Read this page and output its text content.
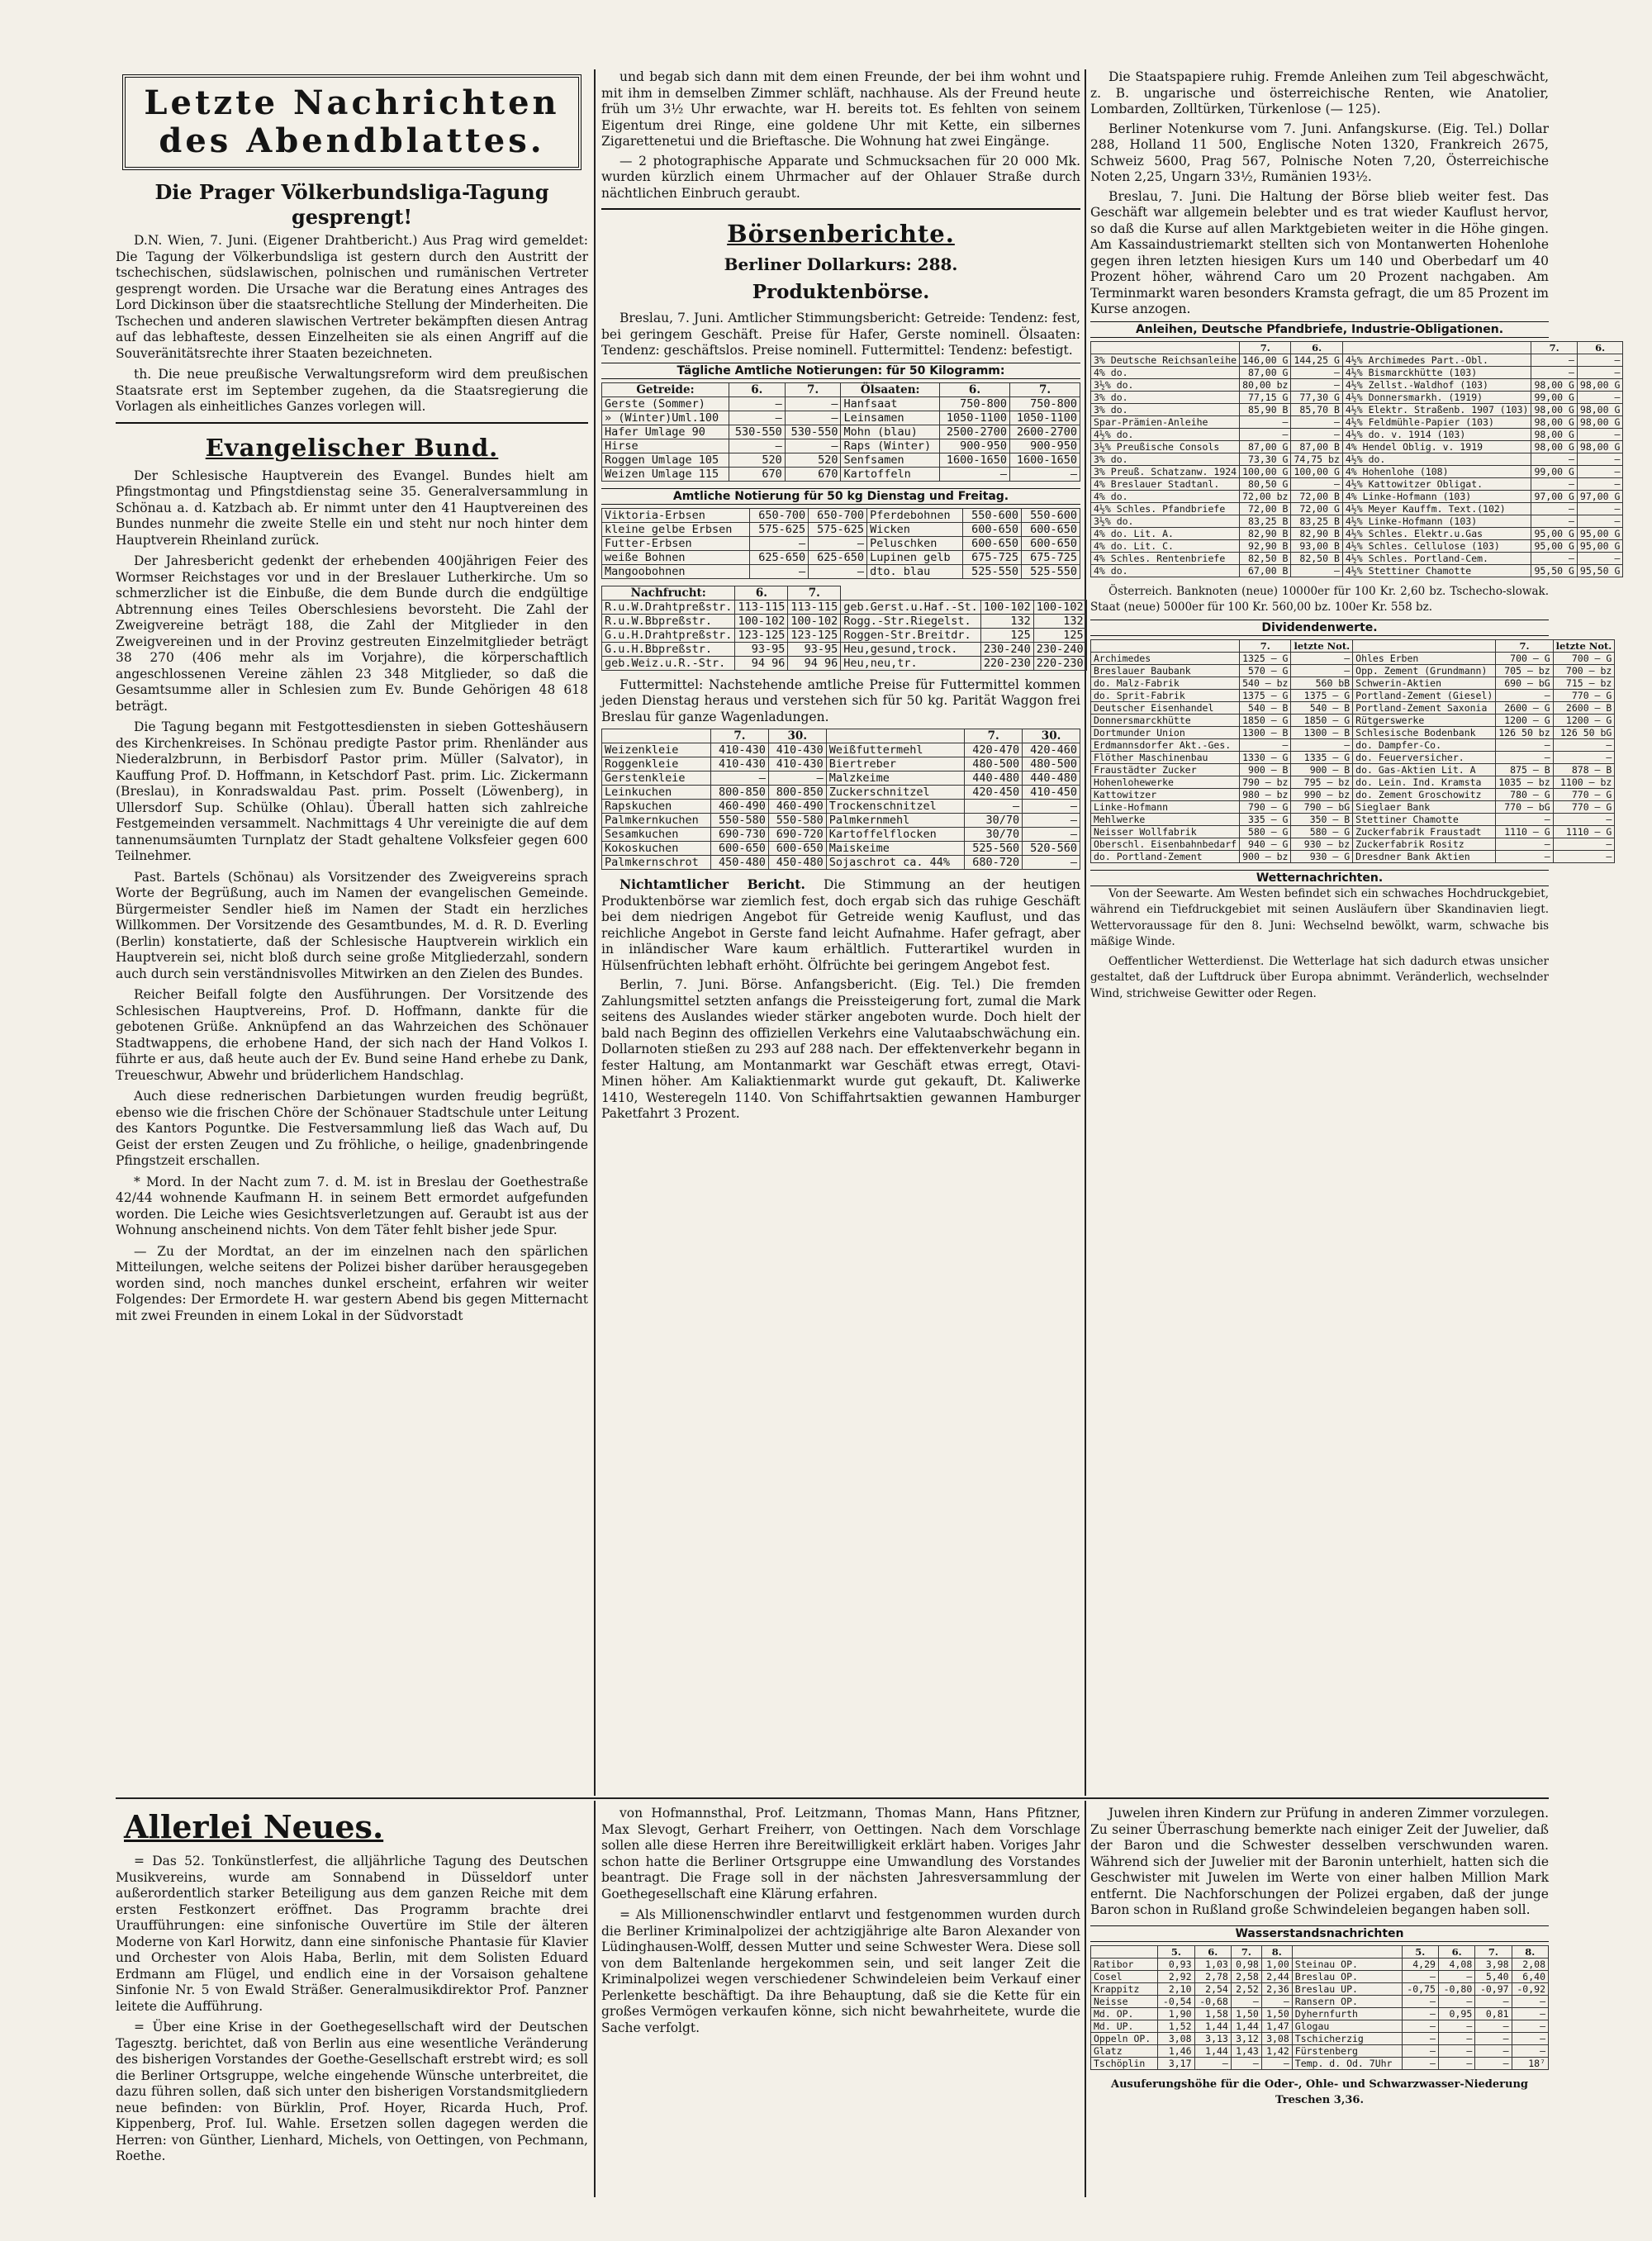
Letzte Nachrichten des Abendblattes.
Die Prager Völkerbundsliga-Tagung gesprengt!

D.N. Wien, 7. Juni. (Eigener Drahtbericht.) Aus Prag wird gemeldet: Die Tagung der Völkerbundsliga ist gestern durch den Austritt der tschechischen, südslawischen, polnischen und rumänischen Vertreter gesprengt worden. Die Ursache war die Beratung eines Antrages des Lord Dickinson über die staatsrechtliche Stellung der Minderheiten. Die Tschechen und anderen slawischen Vertreter bekämpften diesen Antrag auf das lebhafteste, dessen Einzelheiten sie als einen Angriff auf die Souveränitätsrechte ihrer Staaten bezeichneten.

th. Die neue preußische Verwaltungsreform wird dem preußischen Staatsrate erst im September zugehen, da die Staatsregierung die Vorlagen als einheitliches Ganzes vorlegen will.

Evangelischer Bund.

Der Schlesische Hauptverein des Evangel. Bundes hielt am Pfingstmontag und Pfingstdienstag seine 35. Generalversammlung in Schönau a. d. Katzbach ab. Er nimmt unter den 41 Hauptvereinen des Bundes nunmehr die zweite Stelle ein und steht nur noch hinter dem Hauptverein Rheinland zurück.

Der Jahresbericht gedenkt der erhebenden 400jährigen Feier des Wormser Reichstages vor und in der Breslauer Lutherkirche. Um so schmerzlicher ist die Einbuße, die dem Bunde durch die endgültige Abtrennung eines Teiles Oberschlesiens bevorsteht. Die Zahl der Zweigvereine beträgt 188, die Zahl der Mitglieder in den Zweigvereinen und in der Provinz gestreuten Einzelmitglieder beträgt 38 270 (406 mehr als im Vorjahre), die körperschaftlich angeschlossenen Vereine zählen 23 348 Mitglieder, so daß die Gesamtsumme aller in Schlesien zum Ev. Bunde Gehörigen 48 618 beträgt.

Die Tagung begann mit Festgottesdiensten in sieben Gotteshäusern des Kirchenkreises. In Schönau predigte Pastor prim. Rhenländer aus Niederalzbrunn, in Berbisdorf Pastor prim. Müller (Salvator), in Kauffung Prof. D. Hoffmann, in Ketschdorf Past. prim. Lic. Zickermann (Breslau), in Konradswaldau Past. prim. Posselt (Löwenberg), in Ullersdorf Sup. Schülke (Ohlau). Überall hatten sich zahlreiche Festgemeinden versammelt. Nachmittags 4 Uhr vereinigte die auf dem tannenumsäumten Turnplatz der Stadt gehaltene Volksfeier gegen 600 Teilnehmer.

Past. Bartels (Schönau) als Vorsitzender des Zweigvereins sprach Worte der Begrüßung, auch im Namen der evangelischen Gemeinde. Bürgermeister Sendler hieß im Namen der Stadt ein herzliches Willkommen. Der Vorsitzende des Gesamtbundes, M. d. R. D. Everling (Berlin) konstatierte, daß der Schlesische Hauptverein wirklich ein Hauptverein sei, nicht bloß durch seine große Mitgliederzahl, sondern auch durch sein verständnisvolles Mitwirken an den Zielen des Bundes.

Reicher Beifall folgte den Ausführungen. Der Vorsitzende des Schlesischen Hauptvereins, Prof. D. Hoffmann, dankte für die gebotenen Grüße. Anknüpfend an das Wahrzeichen des Schönauer Stadtwappens, die erhobene Hand, der sich nach der Hand Volkos I. führte er aus, daß heute auch der Ev. Bund seine Hand erhebe zu Dank, Treueschwur, Abwehr und brüderlichem Handschlag.

Auch diese rednerischen Darbietungen wurden freudig begrüßt, ebenso wie die frischen Chöre der Schönauer Stadtschule unter Leitung des Kantors Poguntke. Die Festversammlung ließ das Wach auf, Du Geist der ersten Zeugen und Zu fröhliche, o heilige, gnadenbringende Pfingstzeit erschallen.

* Mord. In der Nacht zum 7. d. M. ist in Breslau der Goethestraße 42/44 wohnende Kaufmann H. in seinem Bett ermordet aufgefunden worden. Die Leiche wies Gesichtsverletzungen auf. Geraubt ist aus der Wohnung anscheinend nichts. Von dem Täter fehlt bisher jede Spur.

— Zu der Mordtat, an der im einzelnen nach den spärlichen Mitteilungen, welche seitens der Polizei bisher darüber herausgegeben worden sind, noch manches dunkel erscheint, erfahren wir weiter Folgendes: Der Ermordete H. war gestern Abend bis gegen Mitternacht mit zwei Freunden in einem Lokal in der Südvorstadt

und begab sich dann mit dem einen Freunde, der bei ihm wohnt und mit ihm in demselben Zimmer schläft, nachhause. Als der Freund heute früh um 3½ Uhr erwachte, war H. bereits tot. Es fehlten von seinem Eigentum drei Ringe, eine goldene Uhr mit Kette, ein silbernes Zigarettenetui und die Brieftasche. Die Wohnung hat zwei Eingänge.

— 2 photographische Apparate und Schmucksachen für 20 000 Mk. wurden kürzlich einem Uhrmacher auf der Ohlauer Straße durch nächtlichen Einbruch geraubt.

Börsenberichte.
Berliner Dollarkurs: 288.
Produktenbörse.

Breslau, 7. Juni. Amtlicher Stimmungsbericht: Getreide: Tendenz: fest, bei geringem Geschäft. Preise für Hafer, Gerste nominell. Ölsaaten: Tendenz: geschäftslos. Preise nominell. Futtermittel: Tendenz: befestigt.

Tägliche Amtliche Notierungen: für 50 Kilogramm:
Getreide:	6.	7.	Ölsaaten:	6.	7.
Gerste (Sommer)	—	—	Hanfsaat	750-800	750-800
» (Winter)Uml.100	—	—	Leinsamen	1050-1100	1050-1100
Hafer Umlage 90	530-550	530-550	Mohn (blau)	2500-2700	2600-2700
Hirse	—	—	Raps (Winter)	900-950	900-950
Roggen Umlage 105	520	520	Senfsamen	1600-1650	1600-1650
Weizen Umlage 115	670	670	Kartoffeln	—	—
Amtliche Notierung für 50 kg Dienstag und Freitag.
Viktoria-Erbsen	650-700	650-700	Pferdebohnen	550-600	550-600
kleine gelbe Erbsen	575-625	575-625	Wicken	600-650	600-650
Futter-Erbsen	—	—	Peluschken	600-650	600-650
weiße Bohnen	625-650	625-650	Lupinen gelb	675-725	675-725
Mangoobohnen	—	—	dto. blau	525-550	525-550
Nachfrucht:	6.	7.			
R.u.W.Drahtpreßstr.	113-115	113-115	geb.Gerst.u.Haf.-St.	100-102	100-102
R.u.W.Bbpreßstr.	100-102	100-102	Rogg.-Str.Riegelst.	132	132
G.u.H.Drahtpreßstr.	123-125	123-125	Roggen-Str.Breitdr.	125	125
G.u.H.Bbpreßstr.	93-95	93-95	Heu,gesund,trock.	230-240	230-240
geb.Weiz.u.R.-Str.	94 96	94 96	Heu,neu,tr.	220-230	220-230

Futtermittel: Nachstehende amtliche Preise für Futtermittel kommen jeden Dienstag heraus und verstehen sich für 50 kg. Parität Waggon frei Breslau für ganze Wagenladungen.

	7.	30.		7.	30.
Weizenkleie	410-430	410-430	Weißfuttermehl	420-470	420-460
Roggenkleie	410-430	410-430	Biertreber	480-500	480-500
Gerstenkleie	—	—	Malzkeime	440-480	440-480
Leinkuchen	800-850	800-850	Zuckerschnitzel	420-450	410-450
Rapskuchen	460-490	460-490	Trockenschnitzel	—	—
Palmkernkuchen	550-580	550-580	Palmkernmehl	30/70	—
Sesamkuchen	690-730	690-720	Kartoffelflocken	30/70	—
Kokoskuchen	600-650	600-650	Maiskeime	525-560	520-560
Palmkernschrot	450-480	450-480	Sojaschrot ca. 44%	680-720	—

Nichtamtlicher Bericht. Die Stimmung an der heutigen Produktenbörse war ziemlich fest, doch ergab sich das ruhige Geschäft bei dem niedrigen Angebot für Getreide wenig Kauflust, und das reichliche Angebot in Gerste fand leicht Aufnahme. Hafer gefragt, aber in inländischer Ware kaum erhältlich. Futterartikel wurden in Hülsenfrüchten lebhaft erhöht. Ölfrüchte bei geringem Angebot fest.

Berlin, 7. Juni. Börse. Anfangsbericht. (Eig. Tel.) Die fremden Zahlungsmittel setzten anfangs die Preissteigerung fort, zumal die Mark seitens des Auslandes wieder stärker angeboten wurde. Doch hielt der bald nach Beginn des offiziellen Verkehrs eine Valutaabschwächung ein. Dollarnoten stießen zu 293 auf 288 nach. Der effektenverkehr begann in fester Haltung, am Montanmarkt war Geschäft etwas erregt, Otavi-Minen höher. Am Kaliaktienmarkt wurde gut gekauft, Dt. Kaliwerke 1410, Westeregeln 1140. Von Schiffahrtsaktien gewannen Hamburger Paketfahrt 3 Prozent.

Die Staatspapiere ruhig. Fremde Anleihen zum Teil abgeschwächt, z. B. ungarische und österreichische Renten, wie Anatolier, Lombarden, Zolltürken, Türkenlose (— 125).

Berliner Notenkurse vom 7. Juni. Anfangskurse. (Eig. Tel.) Dollar 288, Holland 11 500, Englische Noten 1320, Frankreich 2675, Schweiz 5600, Prag 567, Polnische Noten 7,20, Österreichische Noten 2,25, Ungarn 33½, Rumänien 193½.

Breslau, 7. Juni. Die Haltung der Börse blieb weiter fest. Das Geschäft war allgemein belebter und es trat wieder Kauflust hervor, so daß die Kurse auf allen Marktgebieten weiter in die Höhe gingen. Am Kassaindustriemarkt stellten sich von Montanwerten Hohenlohe gegen ihren letzten hiesigen Kurs um 140 und Oberbedarf um 40 Prozent höher, während Caro um 20 Prozent nachgaben. Am Terminmarkt waren besonders Kramsta gefragt, die um 85 Prozent im Kurse anzogen.

Anleihen, Deutsche Pfandbriefe, Industrie-Obligationen.
	7.	6.		7.	6.
3% Deutsche Reichsanleihe	146,00 G	144,25 G	4½% Archimedes Part.-Obl.	—	—
4% do.	87,00 G	—	4½% Bismarckhütte (103)	—	—
3½% do.	80,00 bz	—	4½% Zellst.-Waldhof (103)	98,00 G	98,00 G
3% do.	77,15 G	77,30 G	4½% Donnersmarkh. (1919)	99,00 G	—
3% do.	85,90 B	85,70 B	4½% Elektr. Straßenb. 1907 (103)	98,00 G	98,00 G
Spar-Prämien-Anleihe	—	—	4½% Feldmühle-Papier (103)	98,00 G	98,00 G
4½% do.	—	—	4½% do. v. 1914 (103)	98,00 G	—
3½% Preußische Consols	87,00 G	87,00 B	4% Hendel Oblig. v. 1919	98,00 G	98,00 G
3% do.	73,30 G	74,75 bz	4½% do.	—	—
3% Preuß. Schatzanw. 1924	100,00 G	100,00 G	4% Hohenlohe (108)	99,00 G	—
4% Breslauer Stadtanl.	80,50 G	—	4½% Kattowitzer Obligat.	—	—
4% do.	72,00 bz	72,00 B	4% Linke-Hofmann (103)	97,00 G	97,00 G
4½% Schles. Pfandbriefe	72,00 B	72,00 G	4½% Meyer Kauffm. Text.(102)	—	—
3½% do.	83,25 B	83,25 B	4½% Linke-Hofmann (103)	—	—
4% do. Lit. A.	82,90 B	82,90 B	4½% Schles. Elektr.u.Gas	95,00 G	95,00 G
4% do. Lit. C.	92,90 B	93,00 B	4½% Schles. Cellulose (103)	95,00 G	95,00 G
4% Schles. Rentenbriefe	82,50 B	82,50 B	4½% Schles. Portland-Cem.	—	—
4% do.	67,00 B	—	4½% Stettiner Chamotte	95,50 G	95,50 G

Österreich. Banknoten (neue) 10000er für 100 Kr. 2,60 bz. Tschecho-slowak. Staat (neue) 5000er für 100 Kr. 560,00 bz. 100er Kr. 558 bz.

Dividendenwerte.
	7.	letzte Not.		7.	letzte Not.
Archimedes	1325 — G	—	Ohles Erben	700 — G	700 — G
Breslauer Baubank	570 — G	—	Opp. Zement (Grundmann)	705 — bz	700 — bz
do. Malz-Fabrik	540 — bz	560 bB	Schwerin-Aktien	690 — bG	715 — bz
do. Sprit-Fabrik	1375 — G	1375 — G	Portland-Zement (Giesel)	—	770 — G
Deutscher Eisenhandel	540 — B	540 — B	Portland-Zement Saxonia	2600 — G	2600 — B
Donnersmarckhütte	1850 — G	1850 — G	Rütgerswerke	1200 — G	1200 — G
Dortmunder Union	1300 — B	1300 — B	Schlesische Bodenbank	126 50 bz	126 50 bG
Erdmannsdorfer Akt.-Ges.	—	—	do. Dampfer-Co.	—	—
Flöther Maschinenbau	1330 — G	1335 — G	do. Feuerversicher.	—	—
Fraustädter Zucker	900 — B	900 — B	do. Gas-Aktien Lit. A	875 — B	878 — B
Hohenlohewerke	790 — bz	795 — bz	do. Lein. Ind. Kramsta	1035 — bz	1100 — bz
Kattowitzer	980 — bz	990 — bz	do. Zement Groschowitz	780 — G	770 — G
Linke-Hofmann	790 — G	790 — bG	Sieglaer Bank	770 — bG	770 — G
Mehlwerke	335 — G	350 — B	Stettiner Chamotte	—	—
Neisser Wollfabrik	580 — G	580 — G	Zuckerfabrik Fraustadt	1110 — G	1110 — G
Oberschl. Eisenbahnbedarf	940 — G	930 — bz	Zuckerfabrik Rositz	—	—
do. Portland-Zement	900 — bz	930 — G	Dresdner Bank Aktien	—	—
Wetternachrichten.

Von der Seewarte. Am Westen befindet sich ein schwaches Hochdruckgebiet, während ein Tiefdruckgebiet mit seinen Ausläufern über Skandinavien liegt. Wettervoraussage für den 8. Juni: Wechselnd bewölkt, warm, schwache bis mäßige Winde.

Oeffentlicher Wetterdienst. Die Wetterlage hat sich dadurch etwas unsicher gestaltet, daß der Luftdruck über Europa abnimmt. Veränderlich, wechselnder Wind, strichweise Gewitter oder Regen.

Allerlei Neues.

= Das 52. Tonkünstlerfest, die alljährliche Tagung des Deutschen Musikvereins, wurde am Sonnabend in Düsseldorf unter außerordentlich starker Beteiligung aus dem ganzen Reiche mit dem ersten Festkonzert eröffnet. Das Programm brachte drei Uraufführungen: eine sinfonische Ouvertüre im Stile der älteren Moderne von Karl Horwitz, dann eine sinfonische Phantasie für Klavier und Orchester von Alois Haba, Berlin, mit dem Solisten Eduard Erdmann am Flügel, und endlich eine in der Vorsaison gehaltene Sinfonie Nr. 5 von Ewald Sträßer. Generalmusikdirektor Prof. Panzner leitete die Aufführung.

= Über eine Krise in der Goethegesellschaft wird der Deutschen Tagesztg. berichtet, daß von Berlin aus eine wesentliche Veränderung des bisherigen Vorstandes der Goethe-Gesellschaft erstrebt wird; es soll die Berliner Ortsgruppe, welche eingehende Wünsche unterbreitet, die dazu führen sollen, daß sich unter den bisherigen Vorstandsmitgliedern neue befinden: von Bürklin, Prof. Hoyer, Ricarda Huch, Prof. Kippenberg, Prof. Iul. Wahle. Ersetzen sollen dagegen werden die Herren: von Günther, Lienhard, Michels, von Oettingen, von Pechmann, Roethe.

von Hofmannsthal, Prof. Leitzmann, Thomas Mann, Hans Pfitzner, Max Slevogt, Gerhart Freiherr, von Oettingen. Nach dem Vorschlage sollen alle diese Herren ihre Bereitwilligkeit erklärt haben. Voriges Jahr schon hatte die Berliner Ortsgruppe eine Umwandlung des Vorstandes beantragt. Die Frage soll in der nächsten Jahresversammlung der Goethegesellschaft eine Klärung erfahren.

= Als Millionenschwindler entlarvt und festgenommen wurden durch die Berliner Kriminalpolizei der achtzigjährige alte Baron Alexander von Lüdinghausen-Wolff, dessen Mutter und seine Schwester Wera. Diese soll von dem Baltenlande hergekommen sein, und seit langer Zeit die Kriminalpolizei wegen verschiedener Schwindeleien beim Verkauf einer Perlenkette beschäftigt. Da ihre Behauptung, daß sie die Kette für ein großes Vermögen verkaufen könne, sich nicht bewahrheitete, wurde die Sache verfolgt.

Juwelen ihren Kindern zur Prüfung in anderen Zimmer vorzulegen. Zu seiner Überraschung bemerkte nach einiger Zeit der Juwelier, daß der Baron und die Schwester desselben verschwunden waren. Während sich der Juwelier mit der Baronin unterhielt, hatten sich die Geschwister mit Juwelen im Werte von einer halben Million Mark entfernt. Die Nachforschungen der Polizei ergaben, daß der junge Baron schon in Rußland große Schwindeleien begangen haben soll.

Wasserstandsnachrichten
	5.	6.	7.	8.		5.	6.	7.	8.
Ratibor	0,93	1,03	0,98	1,00	Steinau OP.	4,29	4,08	3,98	2,08
Cosel	2,92	2,78	2,58	2,44	Breslau OP.	—	—	5,40	6,40
Krappitz	2,10	2,54	2,52	2,36	Breslau UP.	-0,75	-0,80	-0,97	-0,92
Neisse	-0,54	-0,68	—	—	Ransern OP.	—	—	—	—
Md. OP.	1,90	1,58	1,50	1,50	Dyhernfurth	—	0,95	0,81	—
Md. UP.	1,52	1,44	1,44	1,47	Glogau	—	—	—	—
Oppeln OP.	3,08	3,13	3,12	3,08	Tschicherzig	—	—	—	—
Glatz	1,46	1,44	1,43	1,42	Fürstenberg	—	—	—	—
Tschöplin	3,17	—	—	—	Temp. d. Od. 7Uhr	—	—	—	18⁷

Ausuferungshöhe für die Oder-, Ohle- und Schwarzwasser-Niederung Treschen 3,36.
